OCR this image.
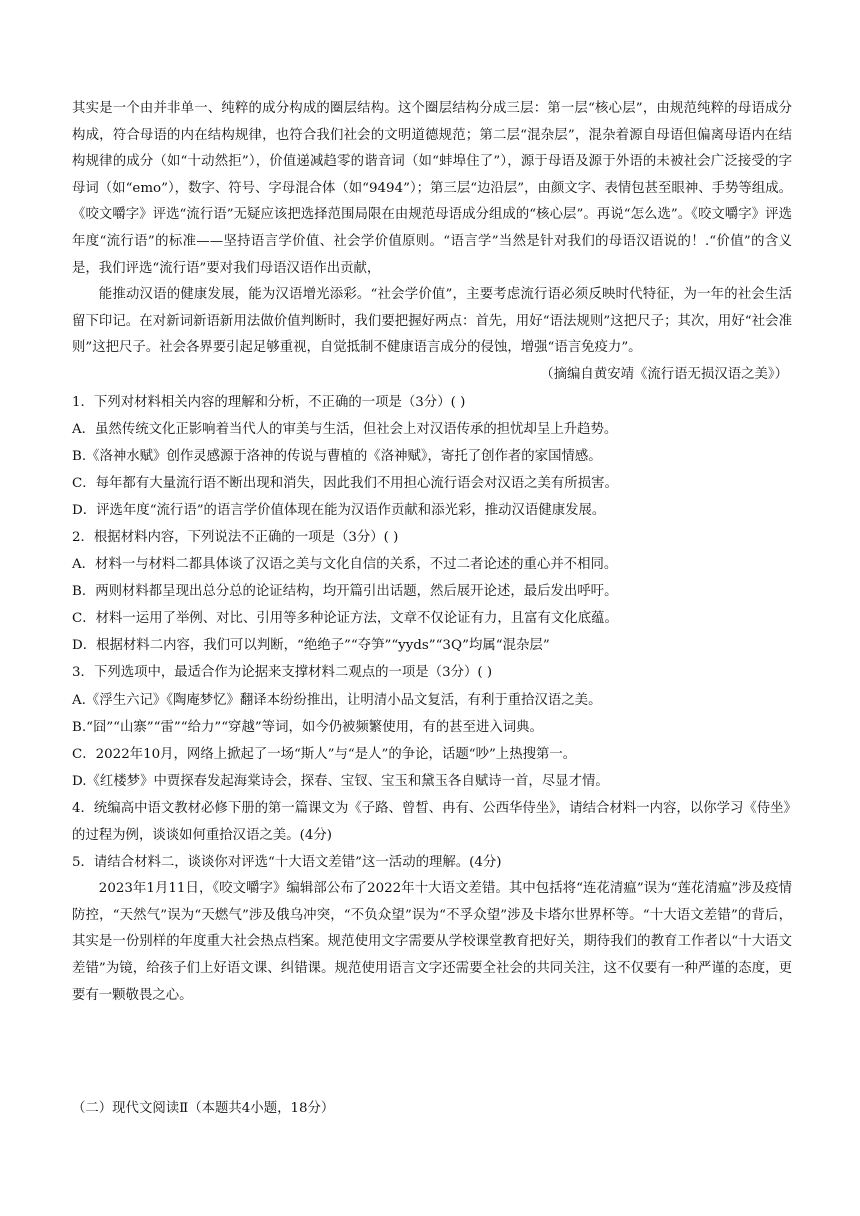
其实是一个由并非单一、纯粹的成分构成的圈层结构。这个圈层结构分成三层：第一层“核心层”，由规范纯粹的母语成分构成，符合母语的内在结构规律，也符合我们社会的文明道德规范；第二层“混杂层”，混杂着源自母语但偏离母语内在结构规律的成分（如“十动然拒”），价值递减趋零的谐音词（如“蚌埠住了”），源于母语及源于外语的未被社会广泛接受的字母词（如“emo”），数字、符号、字母混合体（如“9494”）；第三层“边沿层”，由颜文字、表情包甚至眼神、手势等组成。《咬文嚼字》评选“流行语”无疑应该把选择范围局限在由规范母语成分组成的“核心层”。再说“怎么选”。《咬文嚼字》评选年度“流行语”的标准——坚持语言学价值、社会学价值原则。“语言学”当然是针对我们的母语汉语说的！.“价值”的含义是，我们评选“流行语”要对我们母语汉语作出贡献，

能推动汉语的健康发展，能为汉语增光添彩。“社会学价值”，主要考虑流行语必须反映时代特征，为一年的社会生活留下印记。在对新词新语新用法做价值判断时，我们要把握好两点：首先，用好“语法规则”这把尺子；其次，用好“社会准则”这把尺子。社会各界要引起足够重视，自觉抵制不健康语言成分的侵蚀，增强“语言免疫力”。

（摘编自黄安靖《流行语无损汉语之美》）

1．下列对材料相关内容的理解和分析，不正确的一项是（3分）( )

A．虽然传统文化正影响着当代人的审美与生活，但社会上对汉语传承的担忧却呈上升趋势。

B.《洛神水赋》创作灵感源于洛神的传说与曹植的《洛神赋》，寄托了创作者的家国情感。

C．每年都有大量流行语不断出现和消失，因此我们不用担心流行语会对汉语之美有所损害。

D．评选年度“流行语”的语言学价值体现在能为汉语作贡献和添光彩，推动汉语健康发展。

2．根据材料内容，下列说法不正确的一项是（3分）( )

A．材料一与材料二都具体谈了汉语之美与文化自信的关系，不过二者论述的重心并不相同。

B．两则材料都呈现出总分总的论证结构，均开篇引出话题，然后展开论述，最后发出呼吁。

C．材料一运用了举例、对比、引用等多种论证方法，文章不仅论证有力，且富有文化底蕴。

D．根据材料二内容，我们可以判断，“绝绝子”“夺笋”“yyds”“3Q”均属“混杂层”

3．下列选项中，最适合作为论据来支撑材料二观点的一项是（3分）( )

A.《浮生六记》《陶庵梦忆》翻译本纷纷推出，让明清小品文复活，有利于重拾汉语之美。

B.“囧”“山寨”“雷”“给力”“穿越”等词，如今仍被频繁使用，有的甚至进入词典。

C．2022年10月，网络上掀起了一场“斯人”与“是人”的争论，话题“吵”上热搜第一。

D.《红楼梦》中贾探春发起海棠诗会，探春、宝钗、宝玉和黛玉各自赋诗一首，尽显才情。

4．统编高中语文教材必修下册的第一篇课文为《子路、曾晳、冉有、公西华侍坐》，请结合材料一内容，以你学习《侍坐》的过程为例，谈谈如何重拾汉语之美。(4分)

5．请结合材料二，谈谈你对评选“十大语文差错”这一活动的理解。(4分)

2023年1月11日，《咬文嚼字》编辑部公布了2022年十大语文差错。其中包括将“连花清瘟”误为“莲花清瘟”涉及疫情防控，“天然气”误为“天燃气”涉及俄乌冲突，“不负众望”误为“不孚众望”涉及卡塔尔世界杯等。“十大语文差错”的背后，其实是一份别样的年度重大社会热点档案。规范使用文字需要从学校课堂教育把好关，期待我们的教育工作者以“十大语文差错”为镜，给孩子们上好语文课、纠错课。规范使用语言文字还需要全社会的共同关注，这不仅要有一种严谨的态度，更要有一颗敬畏之心。

（二）现代文阅读Ⅱ（本题共4小题，18分）
